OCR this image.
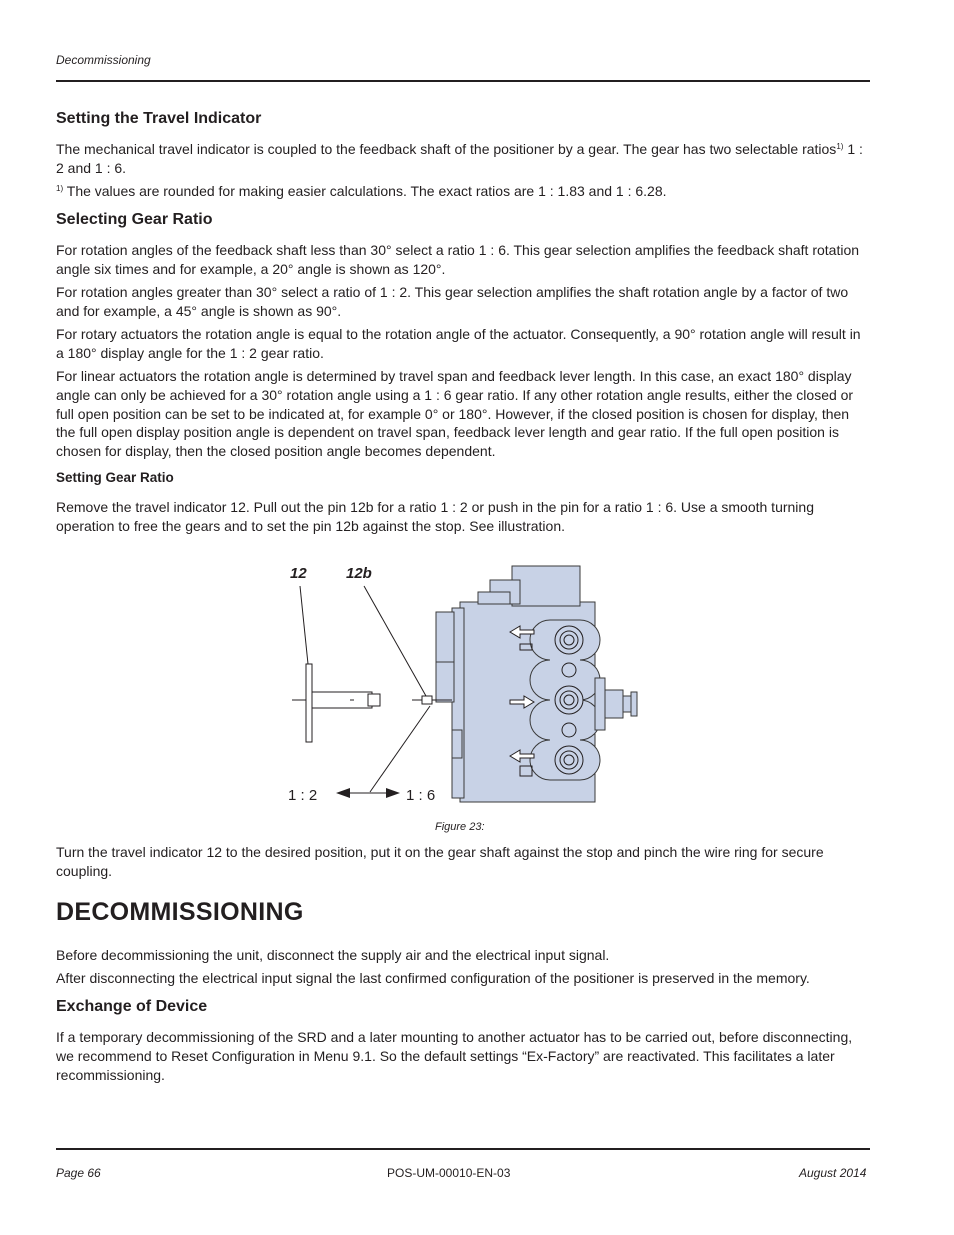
Decommissioning
Setting the Travel Indicator
The mechanical travel indicator is coupled to the feedback shaft of the positioner by a gear. The gear has two selectable ratios$^{1)}$ 1 : 2 and 1 : 6.
$^{1)}$ The values are rounded for making easier calculations. The exact ratios are 1 : 1.83 and 1 : 6.28.
Selecting Gear Ratio
For rotation angles of the feedback shaft less than 30° select a ratio 1 : 6. This gear selection amplifies the feedback shaft rotation angle six times and for example, a 20° angle is shown as 120°.
For rotation angles greater than 30° select a ratio of 1 : 2. This gear selection amplifies the shaft rotation angle by a factor of two and for example, a 45° angle is shown as 90°.
For rotary actuators the rotation angle is equal to the rotation angle of the actuator. Consequently, a 90° rotation angle will result in a 180° display angle for the 1 : 2 gear ratio.
For linear actuators the rotation angle is determined by travel span and feedback lever length. In this case, an exact 180° display angle can only be achieved for a 30° rotation angle using a 1 : 6 gear ratio. If any other rotation angle results, either the closed or full open position can be set to be indicated at, for example 0° or 180°. However, if the closed position is chosen for display, then the full open display position angle is dependent on travel span, feedback lever length and gear ratio. If the full open position is chosen for display, then the closed position angle becomes dependent.
Setting Gear Ratio
Remove the travel indicator 12. Pull out the pin 12b for a ratio 1 : 2 or push in the pin for a ratio 1 : 6. Use a smooth turning operation to free the gears and to set the pin 12b against the stop. See illustration.
12	12b
1 : 2	1 : 6
Figure 23:
Turn the travel indicator 12 to the desired position, put it on the gear shaft against the stop and pinch the wire ring for secure coupling.
DECOMMISSIONING
Before decommissioning the unit, disconnect the supply air and the electrical input signal.
After disconnecting the electrical input signal the last confirmed configuration of the positioner is preserved in the memory.
Exchange of Device
If a temporary decommissioning of the SRD and a later mounting to another actuator has to be carried out, before disconnecting, we recommend to Reset Configuration in Menu 9.1. So the default settings “Ex-Factory” are reactivated. This facilitates a later recommissioning.
Page 66	POS-UM-00010-EN-03	August 2014
